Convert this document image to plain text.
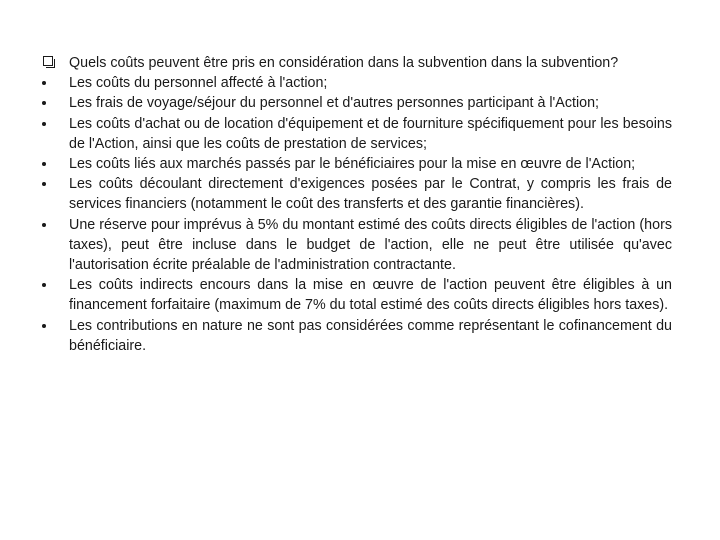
Quels coûts peuvent être pris en considération dans la subvention dans la subvention?
Les coûts du personnel affecté à l'action;
Les frais de voyage/séjour du personnel et d'autres personnes participant à l'Action;
Les coûts d'achat ou de location d'équipement et de fourniture spécifiquement pour les besoins de l'Action, ainsi que les coûts de prestation de services;
Les coûts liés aux marchés passés par le bénéficiaires pour la mise en œuvre de l'Action;
Les coûts découlant directement d'exigences posées par le Contrat, y compris les frais de services financiers (notamment le coût des transferts et des garantie financières).
Une réserve pour imprévus à 5% du montant estimé des coûts directs éligibles de l'action (hors taxes), peut être incluse dans le budget de l'action, elle ne peut être utilisée qu'avec l'autorisation écrite préalable de l'administration contractante.
Les coûts indirects encours dans la mise en œuvre de l'action peuvent être éligibles à un financement forfaitaire (maximum de 7% du total estimé des coûts directs éligibles hors taxes).
Les contributions en nature ne sont pas considérées comme représentant le cofinancement du bénéficiaire.
